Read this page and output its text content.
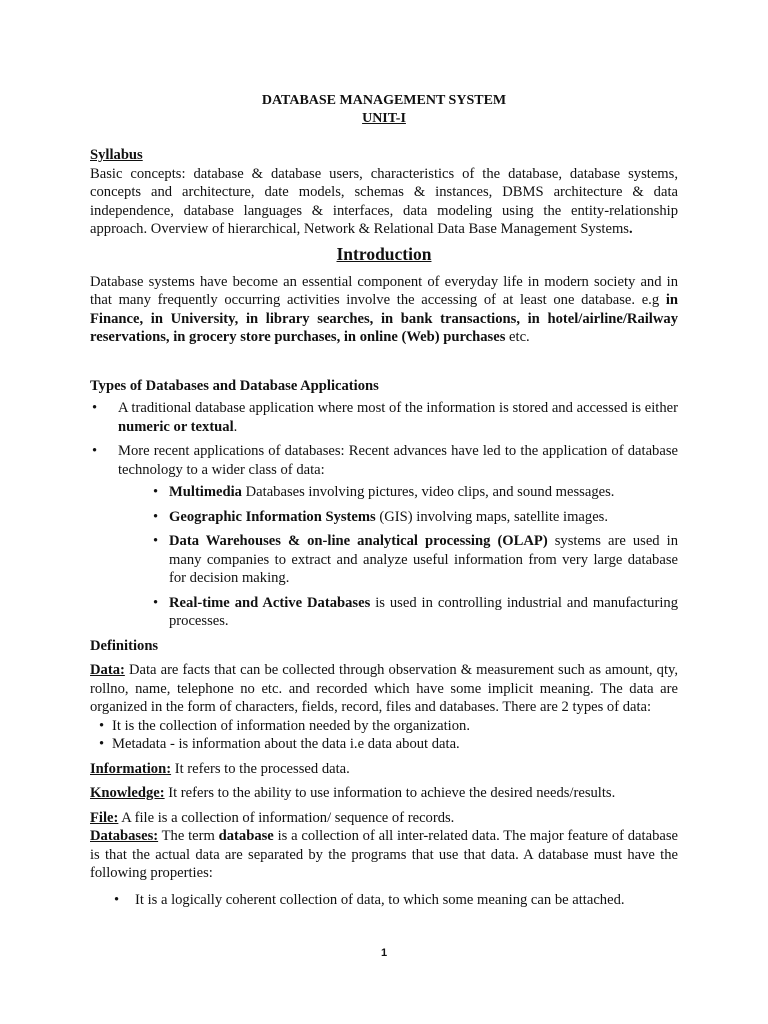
DATABASE MANAGEMENT SYSTEM
UNIT-I
Syllabus

Basic concepts: database & database users, characteristics of the database, database systems, concepts and architecture, date models, schemas & instances, DBMS architecture & data independence, database languages & interfaces, data modeling using the entity-relationship approach. Overview of hierarchical, Network & Relational Data Base Management Systems.

Introduction

Database systems have become an essential component of everyday life in modern society and in that many frequently occurring activities involve the accessing of at least one database. e.g in Finance, in University, in library searches, in bank transactions, in hotel/airline/Railway reservations, in grocery store purchases, in online (Web) purchases etc.

Types of Databases and Database Applications
• A traditional database application where most of the information is stored and accessed is either numeric or textual.
• More recent applications of databases: Recent advances have led to the application of database technology to a wider class of data:
• Multimedia Databases involving pictures, video clips, and sound messages.
• Geographic Information Systems (GIS) involving maps, satellite images.
• Data Warehouses & on-line analytical processing (OLAP) systems are used in many companies to extract and analyze useful information from very large database for decision making.
• Real-time and Active Databases is used in controlling industrial and manufacturing processes.
Definitions

Data: Data are facts that can be collected through observation & measurement such as amount, qty, rollno, name, telephone no etc. and recorded which have some implicit meaning. The data are organized in the form of characters, fields, record, files and databases. There are 2 types of data:

• It is the collection of information needed by the organization.
• Metadata - is information about the data i.e data about data.

Information: It refers to the processed data.

Knowledge: It refers to the ability to use information to achieve the desired needs/results.

File: A file is a collection of information/ sequence of records.

Databases: The term database is a collection of all inter-related data. The major feature of database is that the actual data are separated by the programs that use that data. A database must have the following properties:

• It is a logically coherent collection of data, to which some meaning can be attached.
1
